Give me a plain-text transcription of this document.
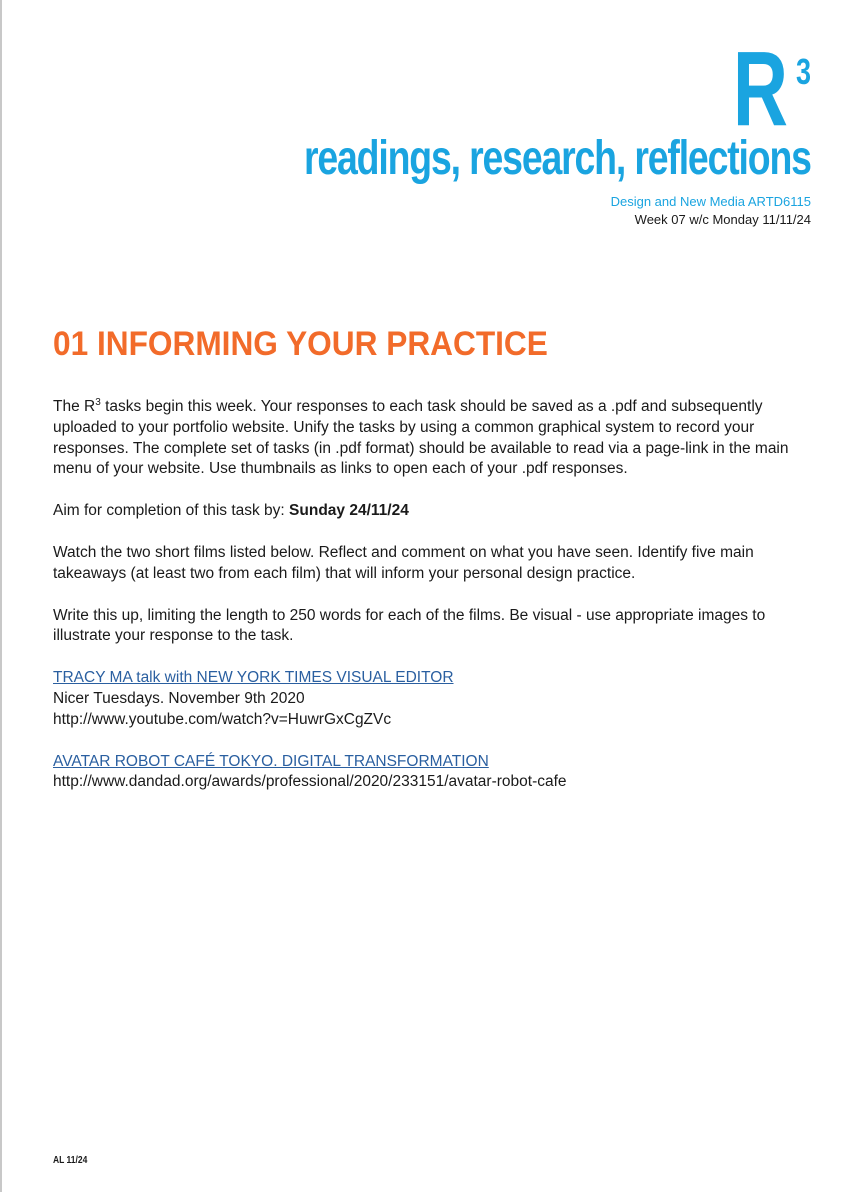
R 3
readings, research, reflections
Design and New Media ARTD6115
Week 07 w/c Monday 11/11/24
01 INFORMING YOUR PRACTICE

The $R^3$ tasks begin this week. Your responses to each task should be saved as a .pdf and subsequently uploaded to your portfolio website. Unify the tasks by using a common graphical system to record your responses. The complete set of tasks (in .pdf format) should be available to read via a page-link in the main menu of your website. Use thumbnails as links to open each of your .pdf responses.

Aim for completion of this task by: Sunday 24/11/24

Watch the two short films listed below. Reflect and comment on what you have seen. Identify five main takeaways (at least two from each film) that will inform your personal design practice.

Write this up, limiting the length to 250 words for each of the films. Be visual - use appropriate images to illustrate your response to the task.

TRACY MA talk with NEW YORK TIMES VISUAL EDITOR
Nicer Tuesdays. November 9th 2020
http://www.youtube.com/watch?v=HuwrGxCgZVc
AVATAR ROBOT CAFÉ TOKYO. DIGITAL TRANSFORMATION
http://www.dandad.org/awards/professional/2020/233151/avatar-robot-cafe
AL 11/24
